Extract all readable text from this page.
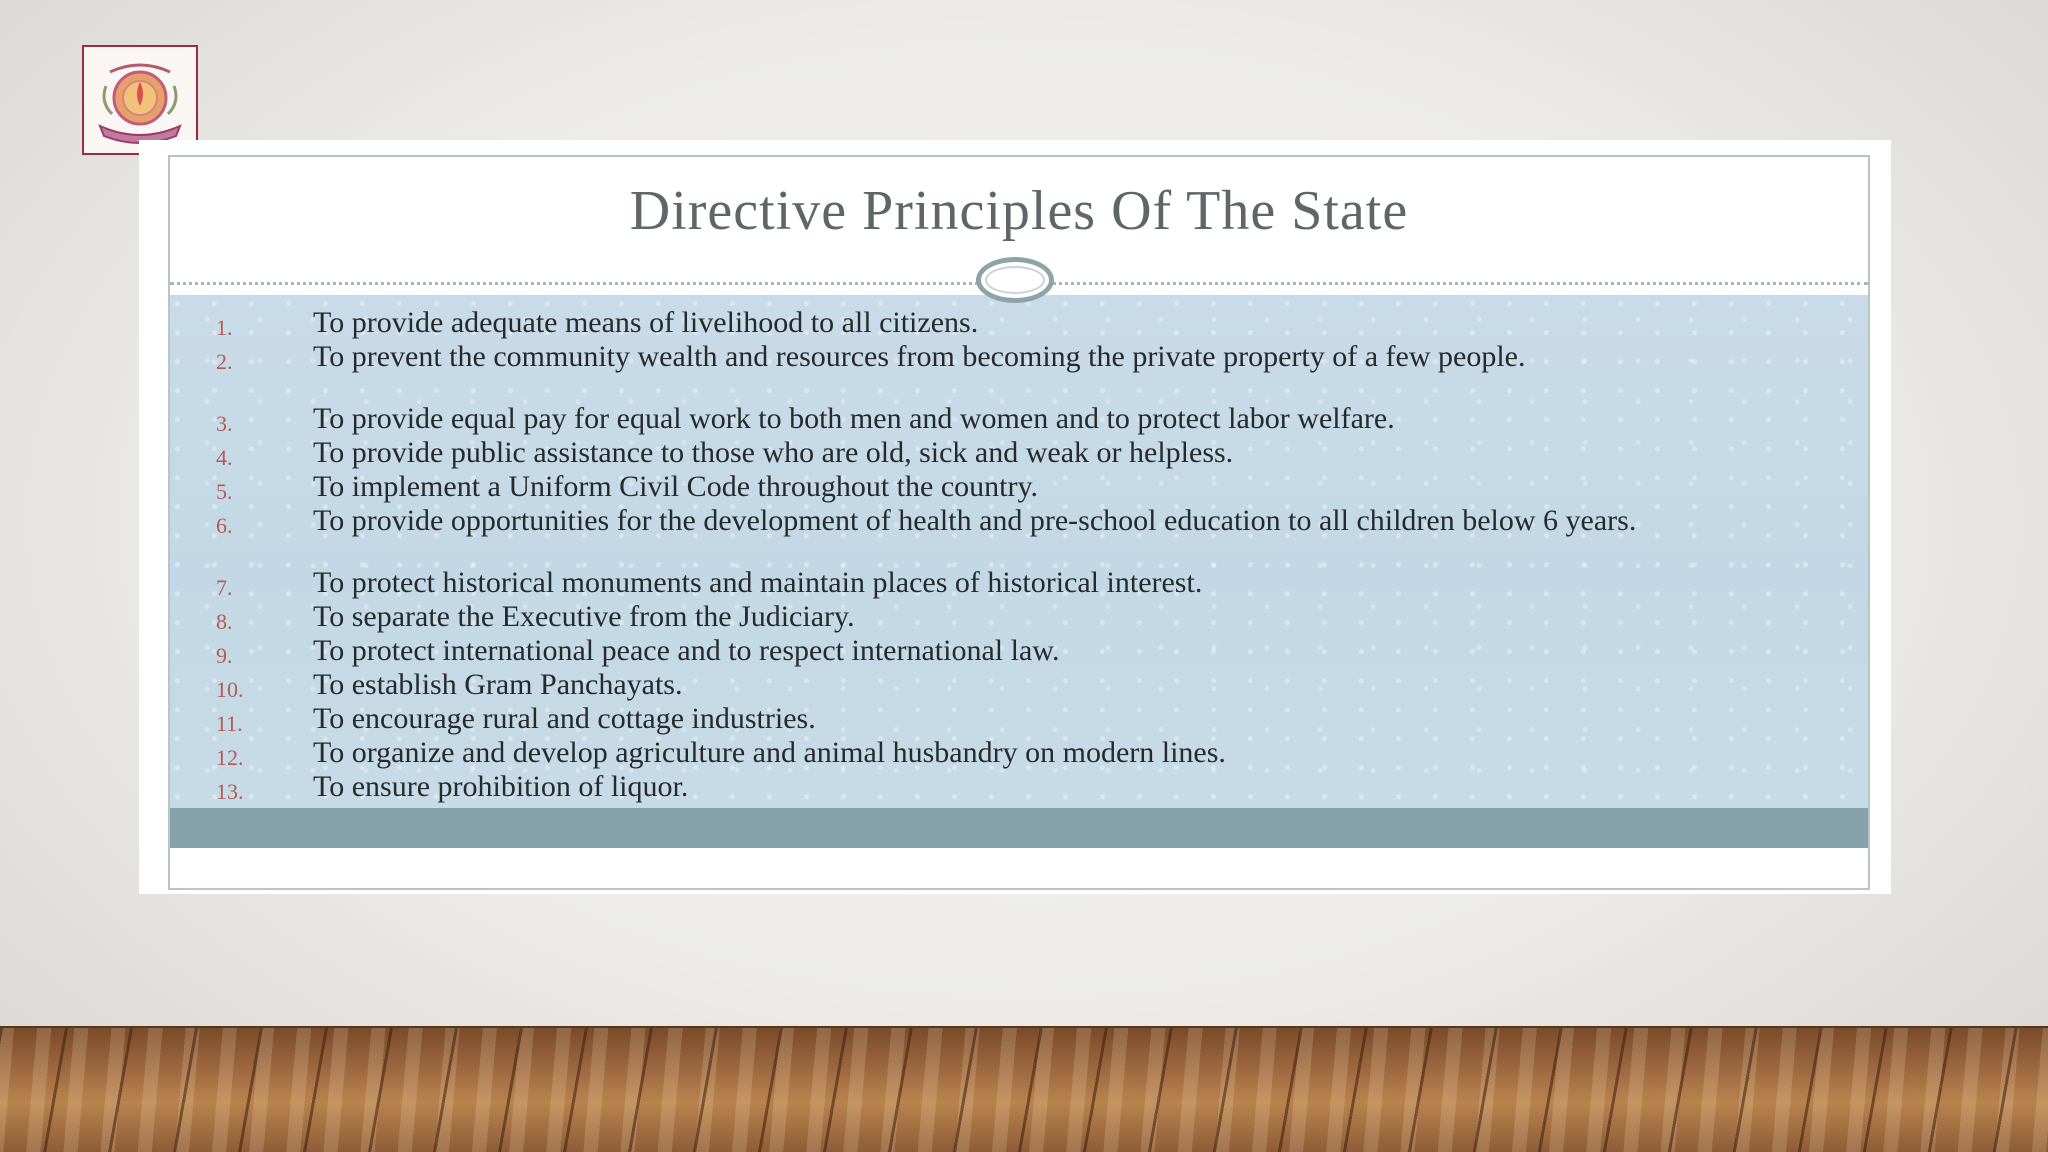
Directive Principles Of The State
1.	To provide adequate means of livelihood to all citizens.
2.	To prevent the community wealth and resources from becoming the private property of a few people.
3.	To provide equal pay for equal work to both men and women and to protect labor welfare.
4.	To provide public assistance to those who are old, sick and weak or helpless.
5.	To implement a Uniform Civil Code throughout the country.
6.	To provide opportunities for the development of health and pre-school education to all children below 6 years.
7.	To protect historical monuments and maintain places of historical interest.
8.	To separate the Executive from the Judiciary.
9.	To protect international peace and to respect international law.
10. To establish Gram Panchayats.
11. To encourage rural and cottage industries.
12. To organize and develop agriculture and animal husbandry on modern lines.
13. To ensure prohibition of liquor.
